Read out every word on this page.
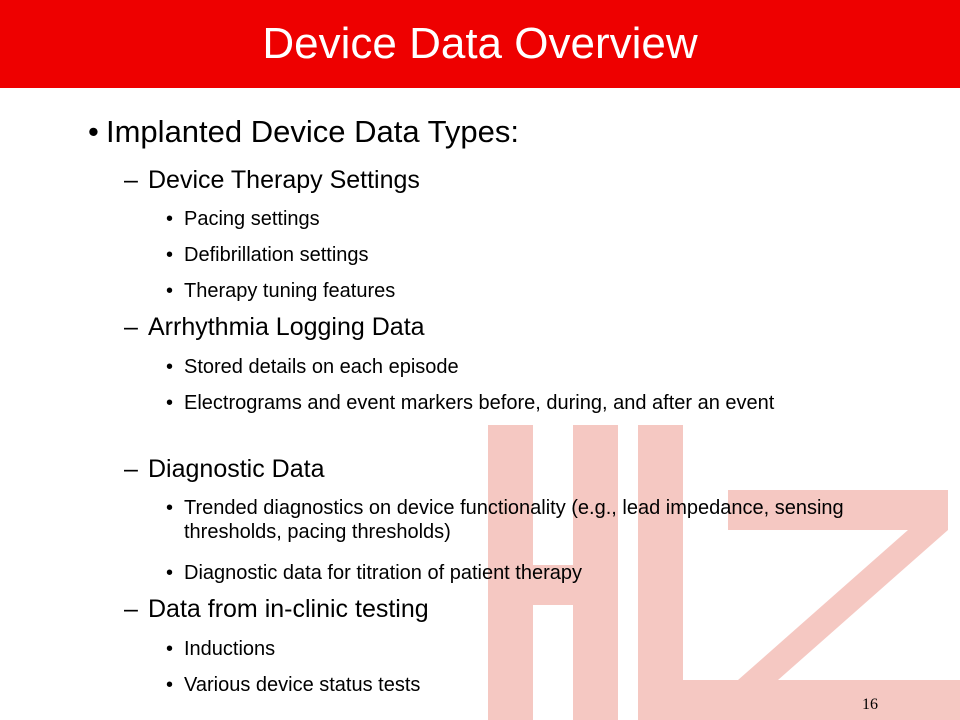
Device Data Overview
• Implanted Device Data Types:
– Device Therapy Settings
• Pacing settings
• Defibrillation settings
• Therapy tuning features
– Arrhythmia Logging Data
• Stored details on each episode
• Electrograms and event markers before, during, and after an event
– Diagnostic Data
• Trended diagnostics on device functionality (e.g., lead impedance, sensing thresholds, pacing thresholds)
• Diagnostic data for titration of patient therapy
– Data from in-clinic testing
• Inductions
• Various device status tests
16
